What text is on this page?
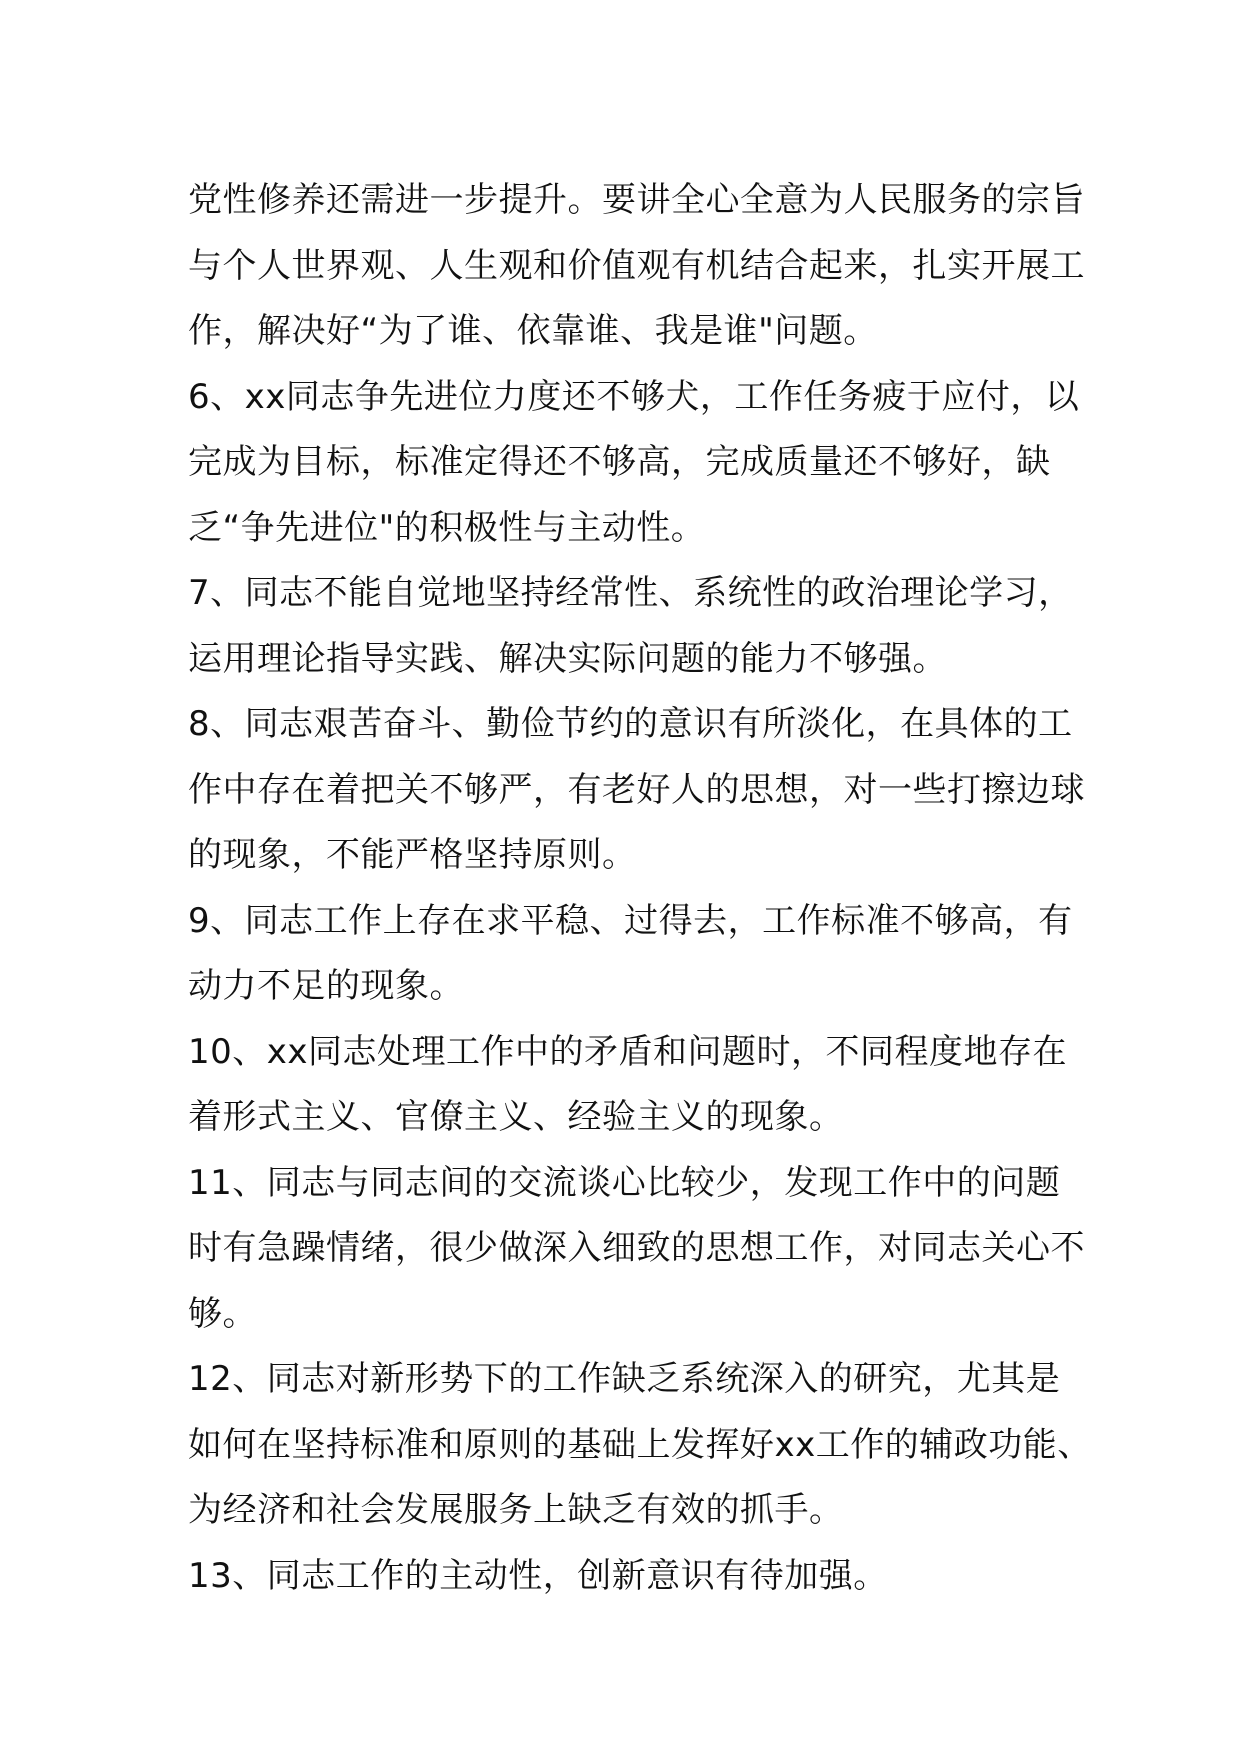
党性修养还需进一步提升。要讲全心全意为人民服务的宗旨与个人世界观、人生观和价值观有机结合起来，扎实开展工作，解决好“为了谁、依靠谁、我是谁"问题。

6、xx同志争先进位力度还不够犬，工作任务疲于应付，以完成为目标，标准定得还不够高，完成质量还不够好，缺乏“争先进位"的积极性与主动性。

7、同志不能自觉地坚持经常性、系统性的政治理论学习，运用理论指导实践、解决实际问题的能力不够强。

8、同志艰苦奋斗、勤俭节约的意识有所淡化，在具体的工作中存在着把关不够严，有老好人的思想，对一些打擦边球的现象，不能严格坚持原则。

9、同志工作上存在求平稳、过得去，工作标准不够高，有动力不足的现象。

10、xx同志处理工作中的矛盾和问题时，不同程度地存在着形式主义、官僚主义、经验主义的现象。

11、同志与同志间的交流谈心比较少，发现工作中的问题时有急躁情绪，很少做深入细致的思想工作，对同志关心不够。

12、同志对新形势下的工作缺乏系统深入的研究，尤其是如何在坚持标准和原则的基础上发挥好xx工作的辅政功能、为经济和社会发展服务上缺乏有效的抓手。

13、同志工作的主动性，创新意识有待加强。
